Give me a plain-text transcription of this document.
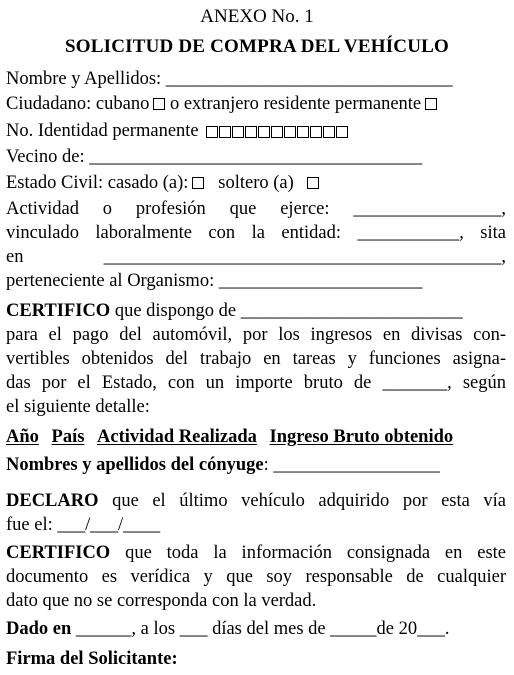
ANEXO No. 1
SOLICITUD DE COMPRA DEL VEHÍCULO
Nombre y Apellidos: _______________________________
Ciudadano: cubano o extranjero residente permanente
No. Identidad permanente
Vecino de: ____________________________________
Estado Civil: casado (a): soltero (a)
Actividad o profesión que ejerce: ________________,
vinculado laboralmente con la entidad: ___________, sita
en ___________________________________________,
perteneciente al Organismo: ______________________
CERTIFICO que dispongo de ________________________
para el pago del automóvil, por los ingresos en divisas con-
vertibles obtenidos del trabajo en tareas y funciones asigna-
das por el Estado, con un importe bruto de _______, según
el siguiente detalle:
Año País Actividad Realizada Ingreso Bruto obtenido
Nombres y apellidos del cónyuge: __________________
DECLARO que el último vehículo adquirido por esta vía
fue el: ___/___/____
CERTIFICO que toda la información consignada en este
documento es verídica y que soy responsable de cualquier
dato que no se corresponda con la verdad.
Dado en ______, a los ___ días del mes de _____de 20___.
Firma del Solicitante:
